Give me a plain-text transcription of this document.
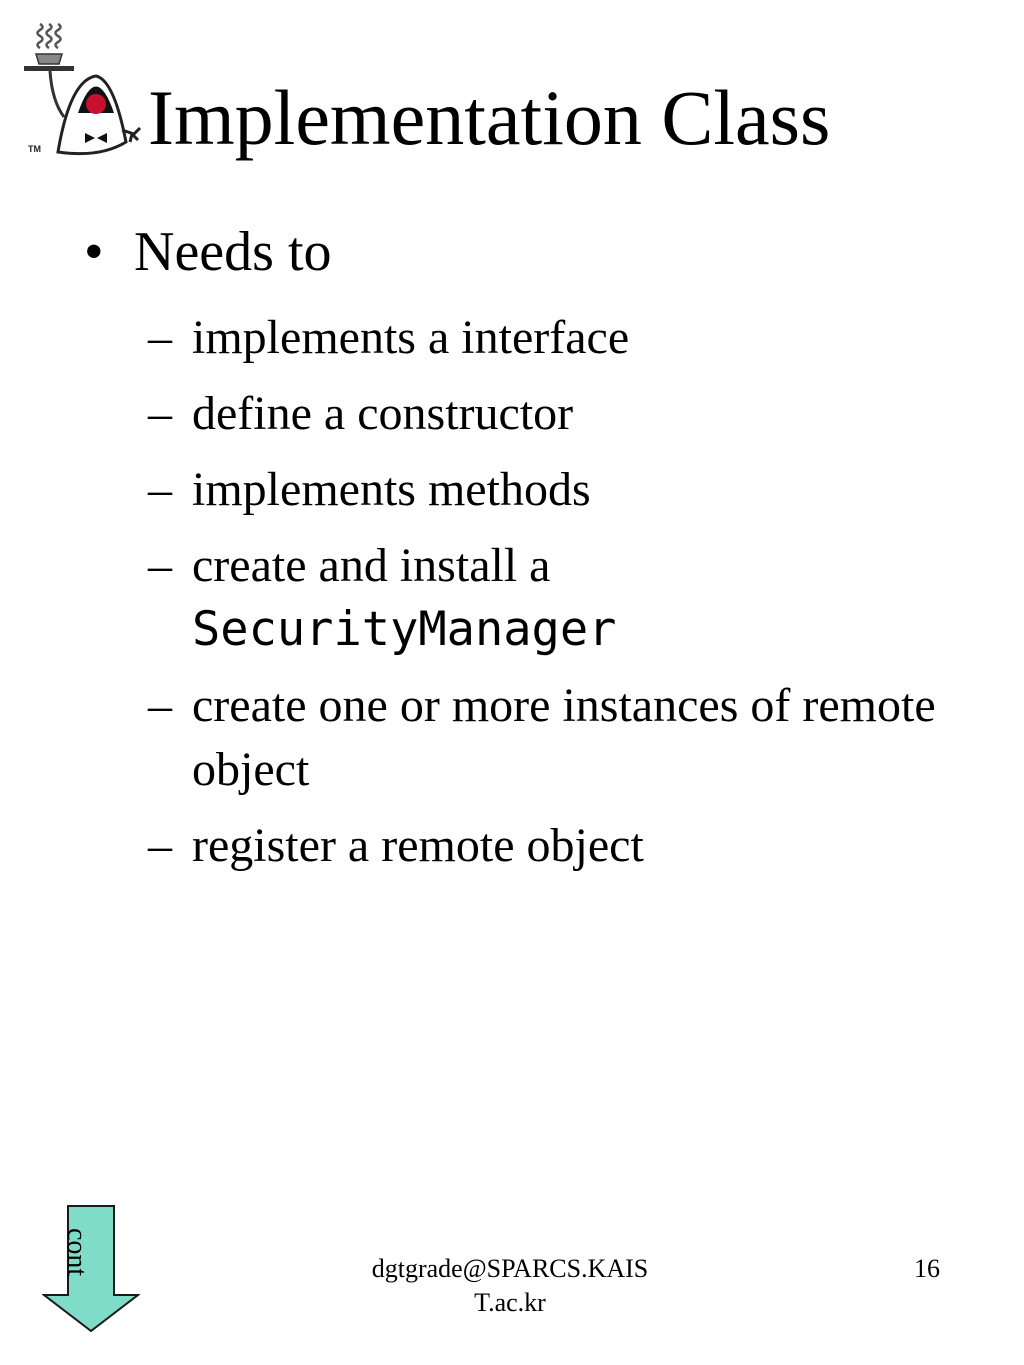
TM Implementation Class
• Needs to
– implements a interface
– define a constructor
– implements methods
– create and install a
SecurityManager
– create one or more instances of remote object
– register a remote object
cont	dgtgrade@SPARCS.KAIS
T.ac.kr
16
